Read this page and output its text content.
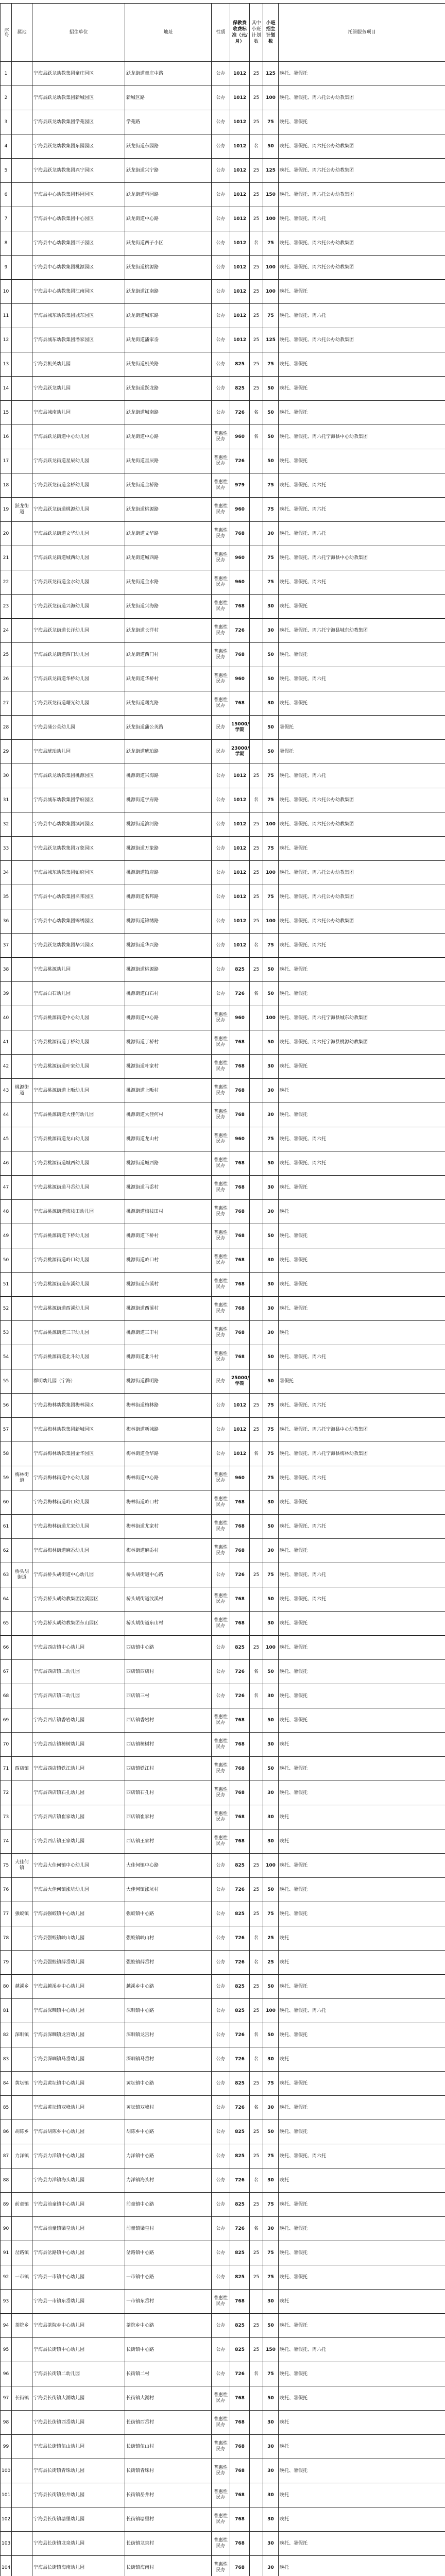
序号	属地	招生单位	地址	性质	保教费收费标准（元/月）	其中小班计划数	小班招生计划数	托管服务项目
1		宁海县跃龙幼教集团童庄园区	跃龙街道童庄中路	公办	1012	25	125	晚托、暑假托
2		宁海县跃龙幼教集团新城园区	新城区路	公办	1012	25	100	晚托、暑假托、周六托公办幼教集团
3		宁海县跃龙幼教集团学苑园区	学苑路	公办	1012	25	75	晚托、暑假托
4		宁海县跃龙幼教集团东园园区	跃龙街道东园路	公办	1012	名	50	晚托、暑假托、周六托公办幼教集团
5		宁海县跃龙幼教集团兴宁园区	跃龙街道兴宁路	公办	1012	25	125	晚托、暑假托、周六托公办幼教集团
6		宁海县中心幼教集团科园园区	跃龙街道科园路	公办	1012	25	150	晚托、暑假托、周六托公办幼教集团
7		宁海县中心幼教集团中心园区	跃龙街道中心路	公办	1012	25	100	晚托、暑假托、周六托
8		宁海县中心幼教集团西子园区	跃龙街道西子小区	公办	1012	名	75	晚托、暑假托、周六托公办幼教集团
9		宁海县中心幼教集团桃源园区	跃龙街道桃源路	公办	1012	25	100	晚托、暑假托、周六托公办幼教集团
10		宁海县中心幼教集团江南园区	跃龙街道江南路	公办	1012	25	100	晚托、暑假托
11		宁海县城东幼教集团城东园区	跃龙街道城东路	公办	1012	25	75	晚托、暑假托、周六托
12		宁海县城东幼教集团潘家园区	跃龙街道潘家岙	公办	1012	25	125	晚托、暑假托、周六托公办幼教集团
13		宁海县机关幼儿园	跃龙街道机关路	公办	825	25	75	晚托、暑假托
14		宁海县跃龙幼儿园	跃龙街道跃龙路	公办	825	25	50	晚托、暑假托
15		宁海县城南幼儿园	跃龙街道城南路	公办	726	名	50	晚托、暑假托
16		宁海县跃龙街道中心幼儿园	跃龙街道中心路	普惠性民办	960	名	50	晚托、暑假托、周六托宁海县中心幼教集团
17		宁海县跃龙街道星辰幼儿园	跃龙街道星辰路	普惠性民办	726		50	晚托、暑假托
18		宁海县跃龙街道金桥幼儿园	跃龙街道金桥路	普惠性民办	979		75	晚托、暑假托、周六托
19	跃龙街道	宁海县跃龙街道桃源幼儿园	跃龙街道桃源路	普惠性民办	960		75	晚托、暑假托、周六托
20		宁海县跃龙街道文华幼儿园	跃龙街道文华路	普惠性民办	768		30	晚托、暑假托、周六托
21		宁海县跃龙街道城西幼儿园	跃龙街道城西路	普惠性民办	960		75	晚托、暑假托、周六托宁海县中心幼教集团
22		宁海县跃龙街道金水幼儿园	跃龙街道金水路	普惠性民办	960		75	晚托、暑假托、周六托
23		宁海县跃龙街道兴海幼儿园	跃龙街道兴海路	普惠性民办	768		30	晚托、暑假托
24		宁海县跃龙街道长洋幼儿园	跃龙街道长洋村	普惠性民办	726		30	晚托、暑假托、周六托宁海县城东幼教集团
25		宁海县跃龙街道西门幼儿园	跃龙街道西门村	普惠性民办	768		50	晚托、暑假托
26		宁海县跃龙街道华桥幼儿园	跃龙街道华桥村	普惠性民办	960		50	晚托、暑假托、周六托
27		宁海县跃龙街道曙光幼儿园	跃龙街道曙光路	普惠性民办	768		30	晚托、暑假托
28		宁海县蒲公英幼儿园	跃龙街道蒲公英路	民办	15000/学期		50	暑假托
29		宁海县琥珀幼儿园	跃龙街道琥珀路	民办	23000/学期		50	暑假托
30		宁海县跃龙幼教集团桃源园区	桃源街道兴海路	公办	1012	25	75	晚托、暑假托、周六托
31		宁海县城东幼教集团学府园区	桃源街道学府路	公办	1012	名	75	晚托、暑假托、周六托公办幼教集团
32		宁海县中心幼教集团滨河园区	桃源街道滨河路	公办	1012	25	100	晚托、暑假托、周六托公办幼教集团
33		宁海县跃龙幼教集团万象园区	桃源街道万象路	公办	1012	25	75	晚托、暑假托
34		宁海县城东幼教集团铂府园区	桃源街道铂府路	公办	1012	25	100	晚托、暑假托、周六托公办幼教集团
35		宁海县中心幼教集团名邦园区	桃源街道名邦路	公办	1012	25	75	晚托、暑假托、周六托公办幼教集团
36		宁海县中心幼教集团锦绣园区	桃源街道锦绣路	公办	1012	25	100	晚托、暑假托、周六托公办幼教集团
37		宁海县跃龙幼教集团华兴园区	桃源街道华兴路	公办	1012	名	75	晚托、暑假托、周六托
38		宁海县桃源幼儿园	桃源街道桃源路	公办	825	25	50	晚托、暑假托
39		宁海县白石幼儿园	桃源街道白石村	公办	726	名	50	晚托、暑假托
40		宁海县桃源街道中心幼儿园	桃源街道中心路	普惠性民办	960		100	晚托、暑假托、周六托宁海县城东幼教集团
41		宁海县桃源街道丁桥幼儿园	桃源街道丁桥村	普惠性民办	768		50	晚托、暑假托、周六托宁海县桃源幼教集团
42		宁海县桃源街道叶家幼儿园	桃源街道叶家村	普惠性民办	768		30	晚托、暑假托
43	桃源街道	宁海县桃源街道上畈幼儿园	桃源街道上畈村	普惠性民办	768		30	晚托
44		宁海县桃源街道大佳何幼儿园	桃源街道大佳何村	普惠性民办	768		30	晚托、暑假托
45		宁海县桃源街道龙山幼儿园	桃源街道龙山村	普惠性民办	960		75	晚托、暑假托、周六托
46		宁海县桃源街道城西幼儿园	桃源街道城西路	普惠性民办	768		50	晚托、暑假托、周六托
47		宁海县桃源街道马岙幼儿园	桃源街道马岙村	普惠性民办	768		30	晚托、暑假托
48		宁海县桃源街道梅枝田幼儿园	桃源街道梅枝田村	普惠性民办	768		30	晚托
49		宁海县桃源街道下桥幼儿园	桃源街道下桥村	普惠性民办	768		50	晚托、暑假托
50		宁海县桃源街道岭口幼儿园	桃源街道岭口村	普惠性民办	768		30	晚托、暑假托
51		宁海县桃源街道东溪幼儿园	桃源街道东溪村	普惠性民办	768		30	晚托、暑假托
52		宁海县桃源街道西溪幼儿园	桃源街道西溪村	普惠性民办	768		30	晚托、暑假托
53		宁海县桃源街道三丰幼儿园	桃源街道三丰村	普惠性民办	768		30	晚托
54		宁海县桃源街道北斗幼儿园	桃源街道北斗村	普惠性民办	768		50	晚托、暑假托、周六托
55		群明幼儿园（宁海）	桃源街道群明路	民办	25000/学期		50	暑假托
56		宁海县梅林幼教集团梅林园区	梅林街道梅林路	公办	1012	25	75	晚托、暑假托、周六托
57		宁海县梅林幼教集团新城园区	梅林街道新城路	公办	1012	25	75	晚托、暑假托、周六托宁海县中心幼教集团
58		宁海县梅林幼教集团金华园区	梅林街道金华路	公办	1012	名	75	晚托、暑假托、周六托宁海县梅林幼教集团
59	梅林街道	宁海县梅林街道中心幼儿园	梅林街道中心路	普惠性民办	960		75	晚托、暑假托、周六托
60		宁海县梅林街道岭口幼儿园	梅林街道岭口村	普惠性民办	768		30	晚托、暑假托
61		宁海县梅林街道尤家幼儿园	梅林街道尤家村	普惠性民办	768		50	晚托、暑假托、周六托
62		宁海县梅林街道麻岙幼儿园	梅林街道麻岙村	普惠性民办	768		30	晚托、暑假托
63	桥头胡街道	宁海县桥头胡街道中心幼儿园	桥头胡街道中心路	公办	726	25	75	晚托、暑假托、周六托
64		宁海县桥头胡幼教集团汶溪园区	桥头胡街道汶溪村	普惠性民办	768		50	晚托、暑假托、周六托
65		宁海县桥头胡幼教集团东山园区	桥头胡街道东山村	普惠性民办	768		30	晚托、暑假托
66		宁海县西店镇中心幼儿园	西店镇中心路	公办	825	25	100	晚托、暑假托
67		宁海县西店镇二幼儿园	西店镇西店村	公办	726	名	50	晚托、暑假托
68		宁海县西店镇三幼儿园	西店镇三村	公办	726	名	30	晚托、暑假托
69		宁海县西店镇香岩幼儿园	西店镇香岩村	普惠性民办	768		50	晚托、暑假托
70		宁海县西店镇樟树幼儿园	西店镇樟树村	普惠性民办	768		30	晚托
71	西店镇	宁海县西店镇铁江幼儿园	西店镇铁江村	普惠性民办	768		50	晚托、暑假托
72		宁海县西店镇石孔幼儿园	西店镇石孔村	普惠性民办	768		30	晚托、暑假托
73		宁海县西店镇崔家幼儿园	西店镇崔家村	普惠性民办	768		30	晚托
74		宁海县西店镇王家幼儿园	西店镇王家村	普惠性民办	768		30	晚托
75	大佳何镇	宁海县大佳何镇中心幼儿园	大佳何镇中心路	公办	825	25	100	晚托、暑假托
76		宁海县大佳何镇涨坑幼儿园	大佳何镇涨坑村	公办	726	25	50	晚托、暑假托
77	强蛟镇	宁海县强蛟镇中心幼儿园	强蛟镇中心路	公办	825	25	75	晚托、暑假托
78		宁海县强蛟镇峡山幼儿园	强蛟镇峡山村	公办	726	名	25	晚托
79		宁海县强蛟镇薛岙幼儿园	强蛟镇薛岙村	公办	726	名	25	晚托
80	越溪乡	宁海县越溪乡中心幼儿园	越溪乡中心路	公办	825	25	50	晚托、暑假托
81		宁海县深甽镇中心幼儿园	深甽镇中心路	公办	825	25	100	晚托、暑假托、周六托
82	深甽镇	宁海县深甽镇龙宫幼儿园	深甽镇龙宫村	公办	726	名	50	晚托、暑假托
83		宁海县深甽镇马岙幼儿园	深甽镇马岙村	公办	726	名	30	晚托
84	黄坛镇	宁海县黄坛镇中心幼儿园	黄坛镇中心路	公办	825	25	75	晚托、暑假托
85		宁海县黄坛镇双峰幼儿园	黄坛镇双峰村	公办	726	名	30	晚托、暑假托
86	胡陈乡	宁海县胡陈乡中心幼儿园	胡陈乡中心路	公办	825	25	50	晚托、暑假托
87	力洋镇	宁海县力洋镇中心幼儿园	力洋镇中心路	公办	825	25	75	晚托、暑假托、周六托
88		宁海县力洋镇海头幼儿园	力洋镇海头村	公办	726	名	30	晚托
89	前童镇	宁海县前童镇中心幼儿园	前童镇中心路	公办	825	25	75	晚托、暑假托
90		宁海县前童镇梁皇幼儿园	前童镇梁皇村	公办	726	名	30	晚托、暑假托
91	岔路镇	宁海县岔路镇中心幼儿园	岔路镇中心路	公办	825	25	75	晚托、暑假托
92	一市镇	宁海县一市镇中心幼儿园	一市镇中心路	公办	825	25	75	晚托、暑假托
93		宁海县一市镇东岙幼儿园	一市镇东岙村	普惠性民办	768		30	晚托
94	茶院乡	宁海县茶院乡中心幼儿园	茶院乡中心路	公办	825	25	50	晚托、暑假托
95		宁海县长街镇中心幼儿园	长街镇中心路	公办	825	25	150	晚托、暑假托、周六托
96		宁海县长街镇二幼儿园	长街镇二村	公办	726	名	75	晚托、暑假托
97	长街镇	宁海县长街镇大湖幼儿园	长街镇大湖村	普惠性民办	768		50	晚托、暑假托
98		宁海县长街镇西岙幼儿园	长街镇西岙村	普惠性民办	768		30	晚托
99		宁海县长街镇伍山幼儿园	长街镇伍山村	普惠性民办	768		30	晚托
100		宁海县长街镇青珠幼儿园	长街镇青珠村	普惠性民办	768		30	晚托、暑假托
101		宁海县长街镇岳井幼儿园	长街镇岳井村	普惠性民办	768		30	晚托
102		宁海县长街镇塘里幼儿园	长街镇塘里村	普惠性民办	768		30	晚托
103		宁海县长街镇龙泉幼儿园	长街镇龙泉村	普惠性民办	768		30	晚托、暑假托
104		宁海县长街镇海南幼儿园	长街镇海南村	普惠性民办	768		30	晚托
